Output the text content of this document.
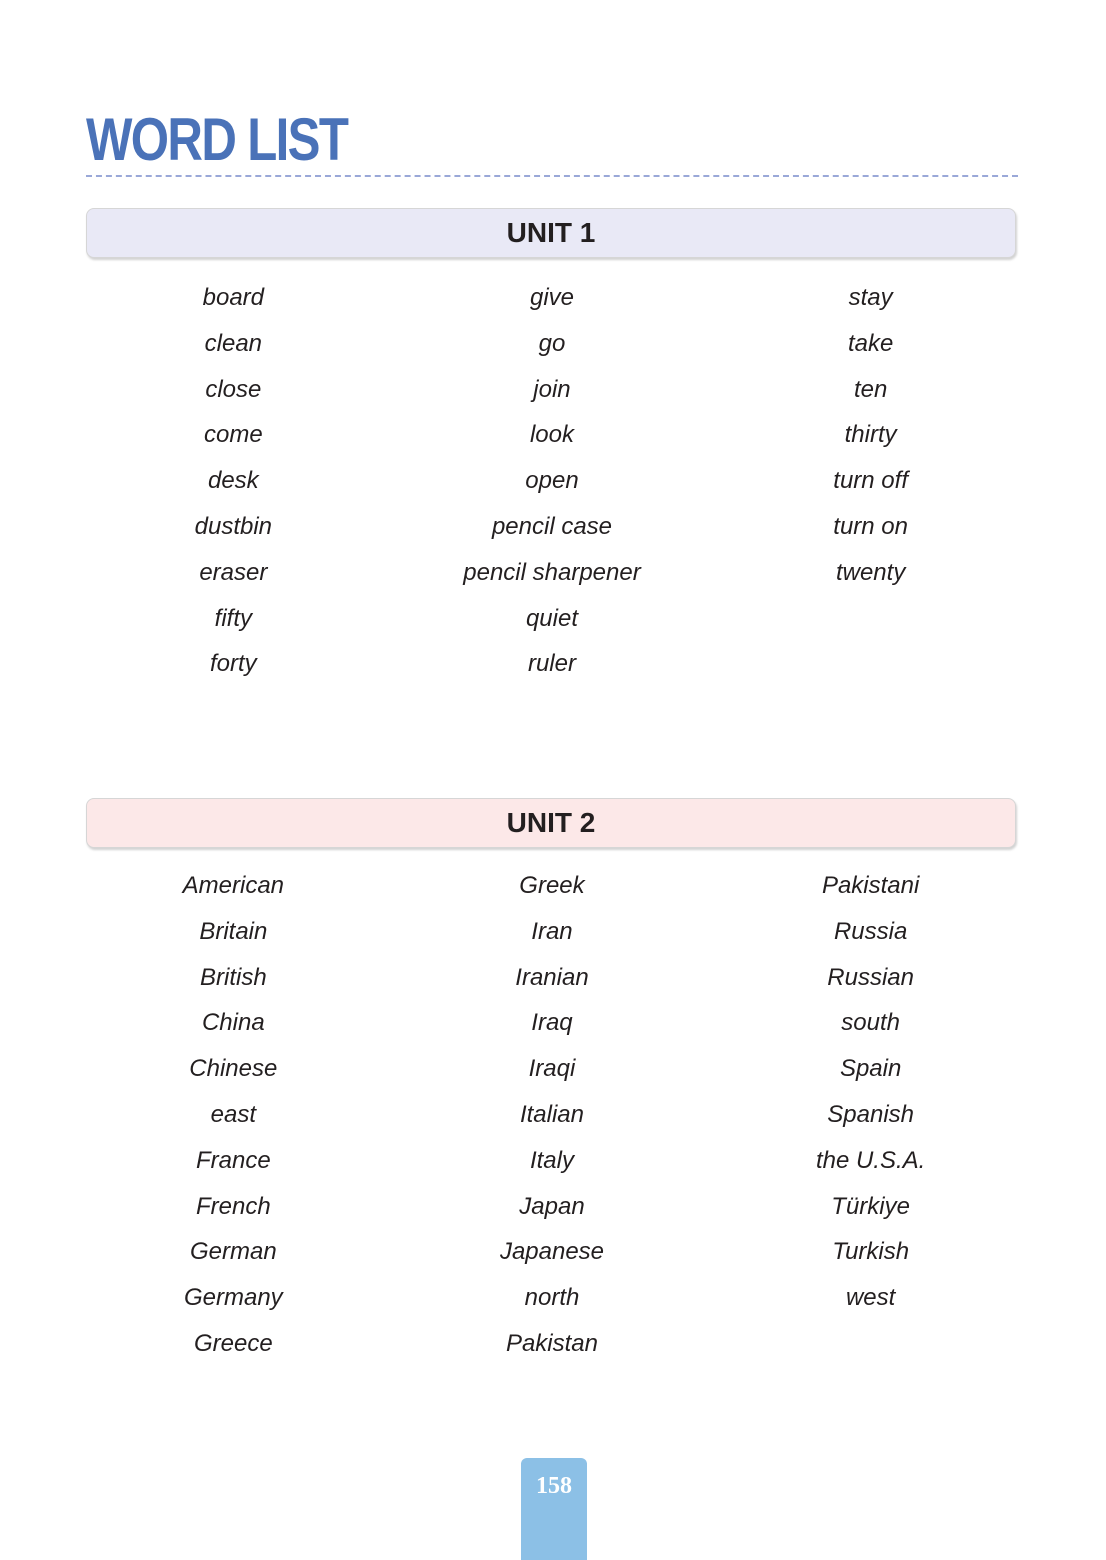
WORD LIST
UNIT 1
board
clean
close
come
desk
dustbin
eraser
fifty
forty
give
go
join
look
open
pencil case
pencil sharpener
quiet
ruler
stay
take
ten
thirty
turn off
turn on
twenty
UNIT 2
American
Britain
British
China
Chinese
east
France
French
German
Germany
Greece
Greek
Iran
Iranian
Iraq
Iraqi
Italian
Italy
Japan
Japanese
north
Pakistan
Pakistani
Russia
Russian
south
Spain
Spanish
the U.S.A.
Türkiye
Turkish
west
158
